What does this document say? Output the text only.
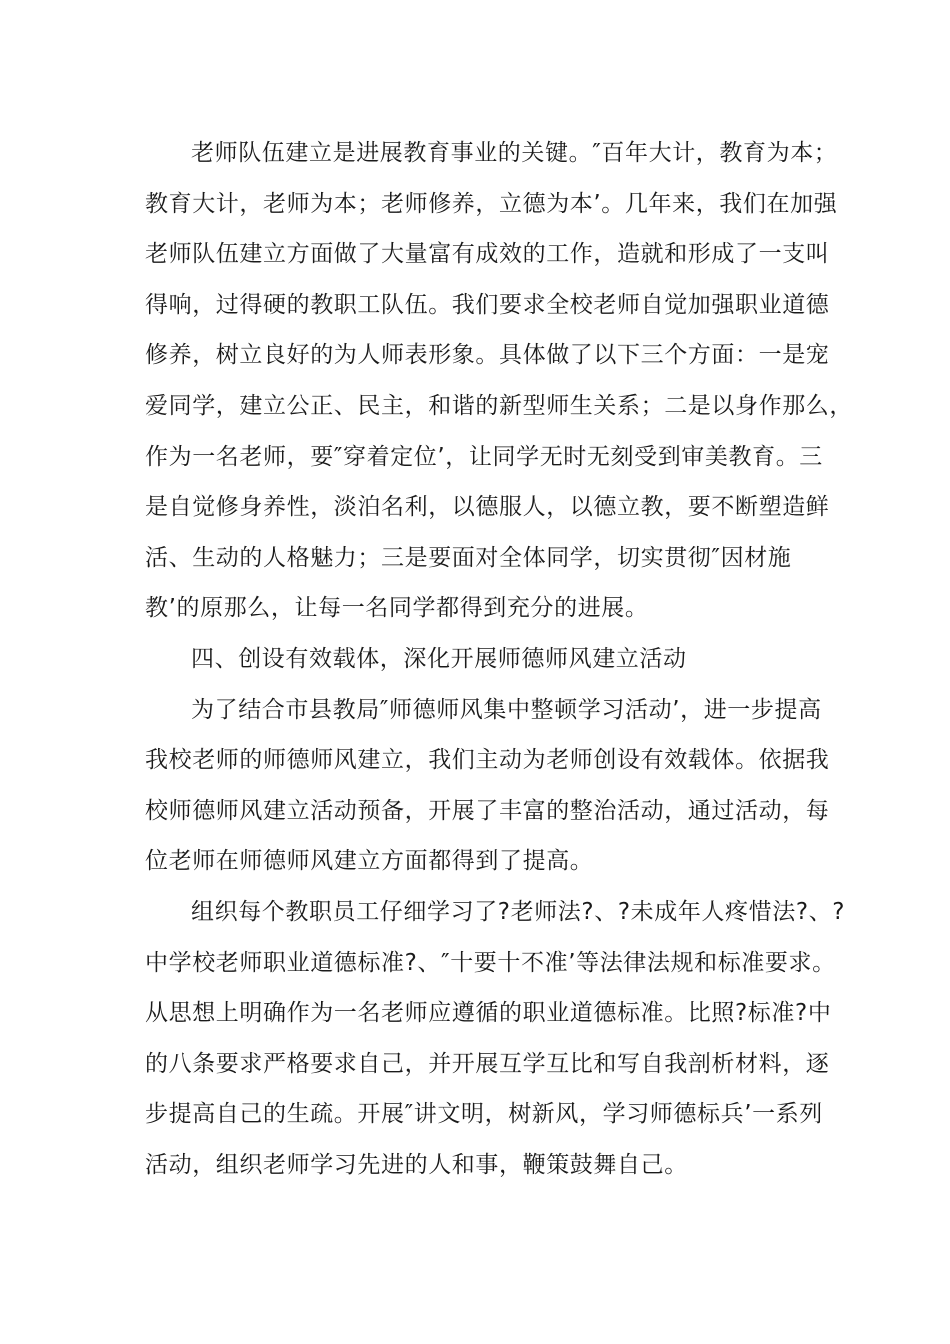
老师队伍建立是进展教育事业的关键。″百年大计，教育为本；
教育大计，老师为本；老师修养，立德为本’。几年来，我们在加强
老师队伍建立方面做了大量富有成效的工作，造就和形成了一支叫
得响，过得硬的教职工队伍。我们要求全校老师自觉加强职业道德
修养，树立良好的为人师表形象。具体做了以下三个方面：一是宠
爱同学，建立公正、民主，和谐的新型师生关系；二是以身作那么，
作为一名老师，要″穿着定位’，让同学无时无刻受到审美教育。三
是自觉修身养性，淡泊名利，以德服人，以德立教，要不断塑造鲜
活、生动的人格魅力；三是要面对全体同学，切实贯彻″因材施
教’的原那么，让每一名同学都得到充分的进展。
四、创设有效载体，深化开展师德师风建立活动
为了结合市县教局″师德师风集中整顿学习活动’，进一步提高
我校老师的师德师风建立，我们主动为老师创设有效载体。依据我
校师德师风建立活动预备，开展了丰富的整治活动，通过活动，每
位老师在师德师风建立方面都得到了提高。
组织每个教职员工仔细学习了?老师法?、?未成年人疼惜法?、?
中学校老师职业道德标准?、″十要十不准’等法律法规和标准要求。
从思想上明确作为一名老师应遵循的职业道德标准。比照?标准?中
的八条要求严格要求自己，并开展互学互比和写自我剖析材料，逐
步提高自己的生疏。开展″讲文明，树新风，学习师德标兵’一系列
活动，组织老师学习先进的人和事，鞭策鼓舞自己。
